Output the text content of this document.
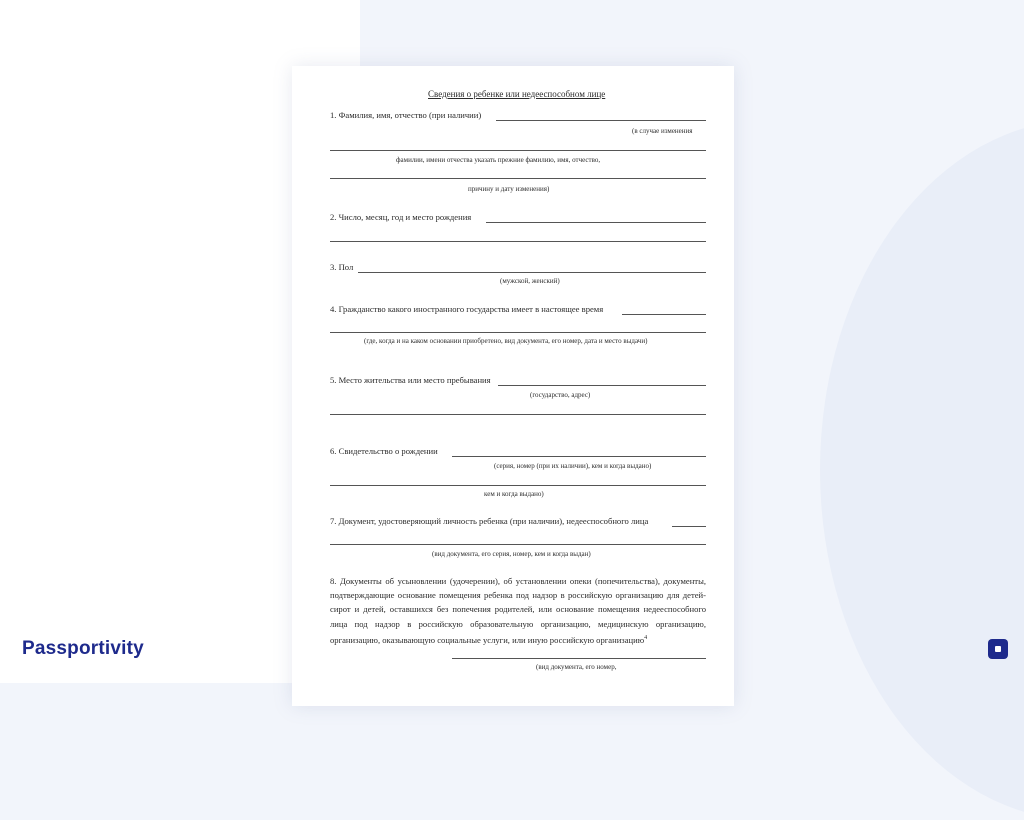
Сведения о ребенке или недееспособном лице
1. Фамилия, имя, отчество (при наличии)
(в случае изменения
фамилии, имени отчества указать прежние фамилию, имя, отчество,
причину и дату изменения)
2. Число, месяц, год и место рождения
3. Пол
(мужской, женский)
4. Гражданство какого иностранного государства имеет в настоящее время
(где, когда и на каком основании приобретено, вид документа, его номер, дата и место выдачи)
5. Место жительства или место пребывания
(государство, адрес)
6. Свидетельство о рождении
(серия, номер (при их наличии), кем и когда выдано)
кем и когда выдано)
7. Документ, удостоверяющий личность ребенка (при наличии), недееспособного лица
(вид документа, его серия, номер, кем и когда выдан)
8. Документы об усыновлении (удочерении), об установлении опеки (попечительства), документы, подтверждающие основание помещения ребенка под надзор в российскую организацию для детей-сирот и детей, оставшихся без попечения родителей, или основание помещения недееспособного лица под надзор в российскую образовательную организацию, медицинскую организацию, организацию, оказывающую социальные услуги, или иную российскую организацию$^4$
(вид документа, его номер,
Passportivity
